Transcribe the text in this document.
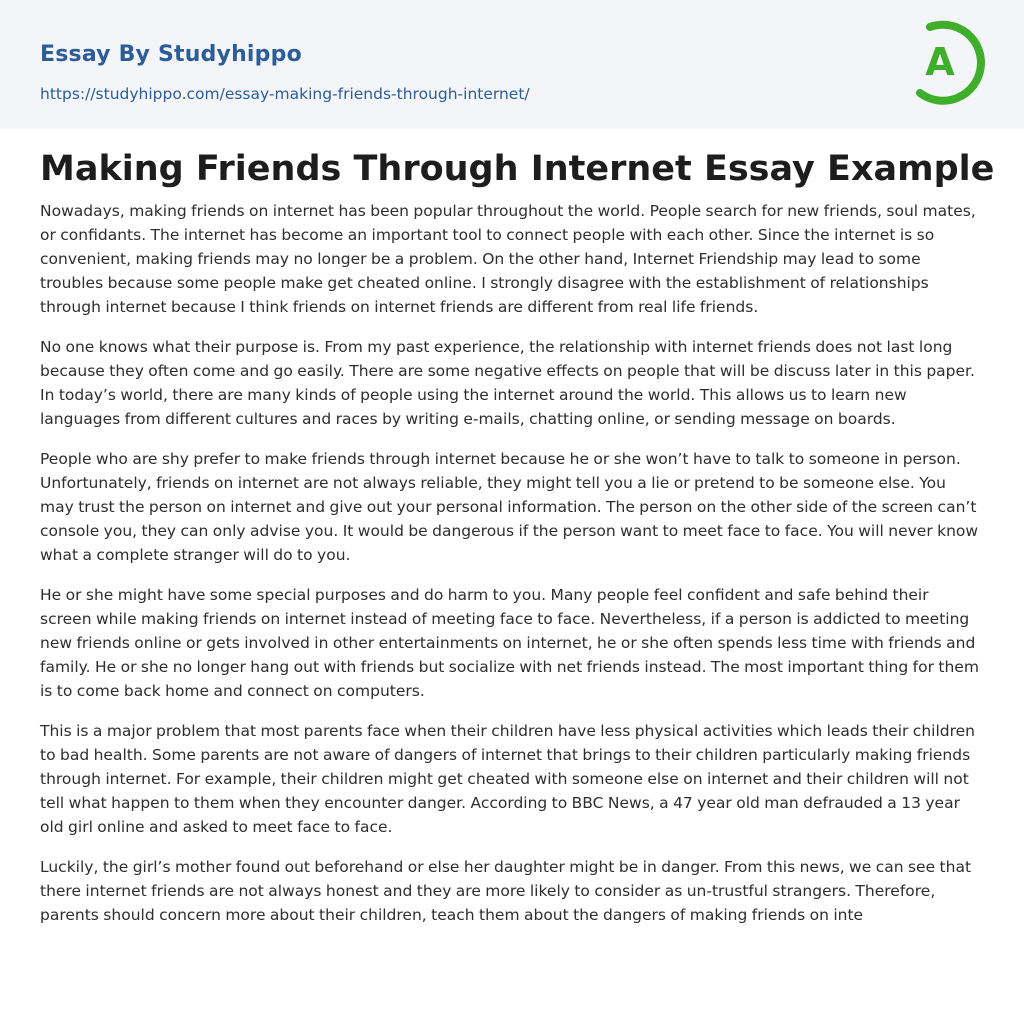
Essay By Studyhippo
https://studyhippo.com/essay-making-friends-through-internet/
A
Making Friends Through Internet Essay Example

Nowadays, making friends on internet has been popular throughout the world. People search for new friends, soul mates, or confidants. The internet has become an important tool to connect people with each other. Since the internet is so convenient, making friends may no longer be a problem. On the other hand, Internet Friendship may lead to some troubles because some people make get cheated online. I strongly disagree with the establishment of relationships through internet because I think friends on internet friends are different from real life friends.

No one knows what their purpose is. From my past experience, the relationship with internet friends does not last long because they often come and go easily. There are some negative effects on people that will be discuss later in this paper. In today’s world, there are many kinds of people using the internet around the world. This allows us to learn new languages from different cultures and races by writing e-mails, chatting online, or sending message on boards.

People who are shy prefer to make friends through internet because he or she won’t have to talk to someone in person. Unfortunately, friends on internet are not always reliable, they might tell you a lie or pretend to be someone else. You may trust the person on internet and give out your personal information. The person on the other side of the screen can’t console you, they can only advise you. It would be dangerous if the person want to meet face to face. You will never know what a complete stranger will do to you.

He or she might have some special purposes and do harm to you. Many people feel confident and safe behind their screen while making friends on internet instead of meeting face to face. Nevertheless, if a person is addicted to meeting new friends online or gets involved in other entertainments on internet, he or she often spends less time with friends and family. He or she no longer hang out with friends but socialize with net friends instead. The most important thing for them is to come back home and connect on computers.

This is a major problem that most parents face when their children have less physical activities which leads their children to bad health. Some parents are not aware of dangers of internet that brings to their children particularly making friends through internet. For example, their children might get cheated with someone else on internet and their children will not tell what happen to them when they encounter danger. According to BBC News, a 47 year old man defrauded a 13 year old girl online and asked to meet face to face.

Luckily, the girl’s mother found out beforehand or else her daughter might be in danger. From this news, we can see that there internet friends are not always honest and they are more likely to consider as un-trustful strangers. Therefore, parents should concern more about their children, teach them about the dangers of making friends on inte
